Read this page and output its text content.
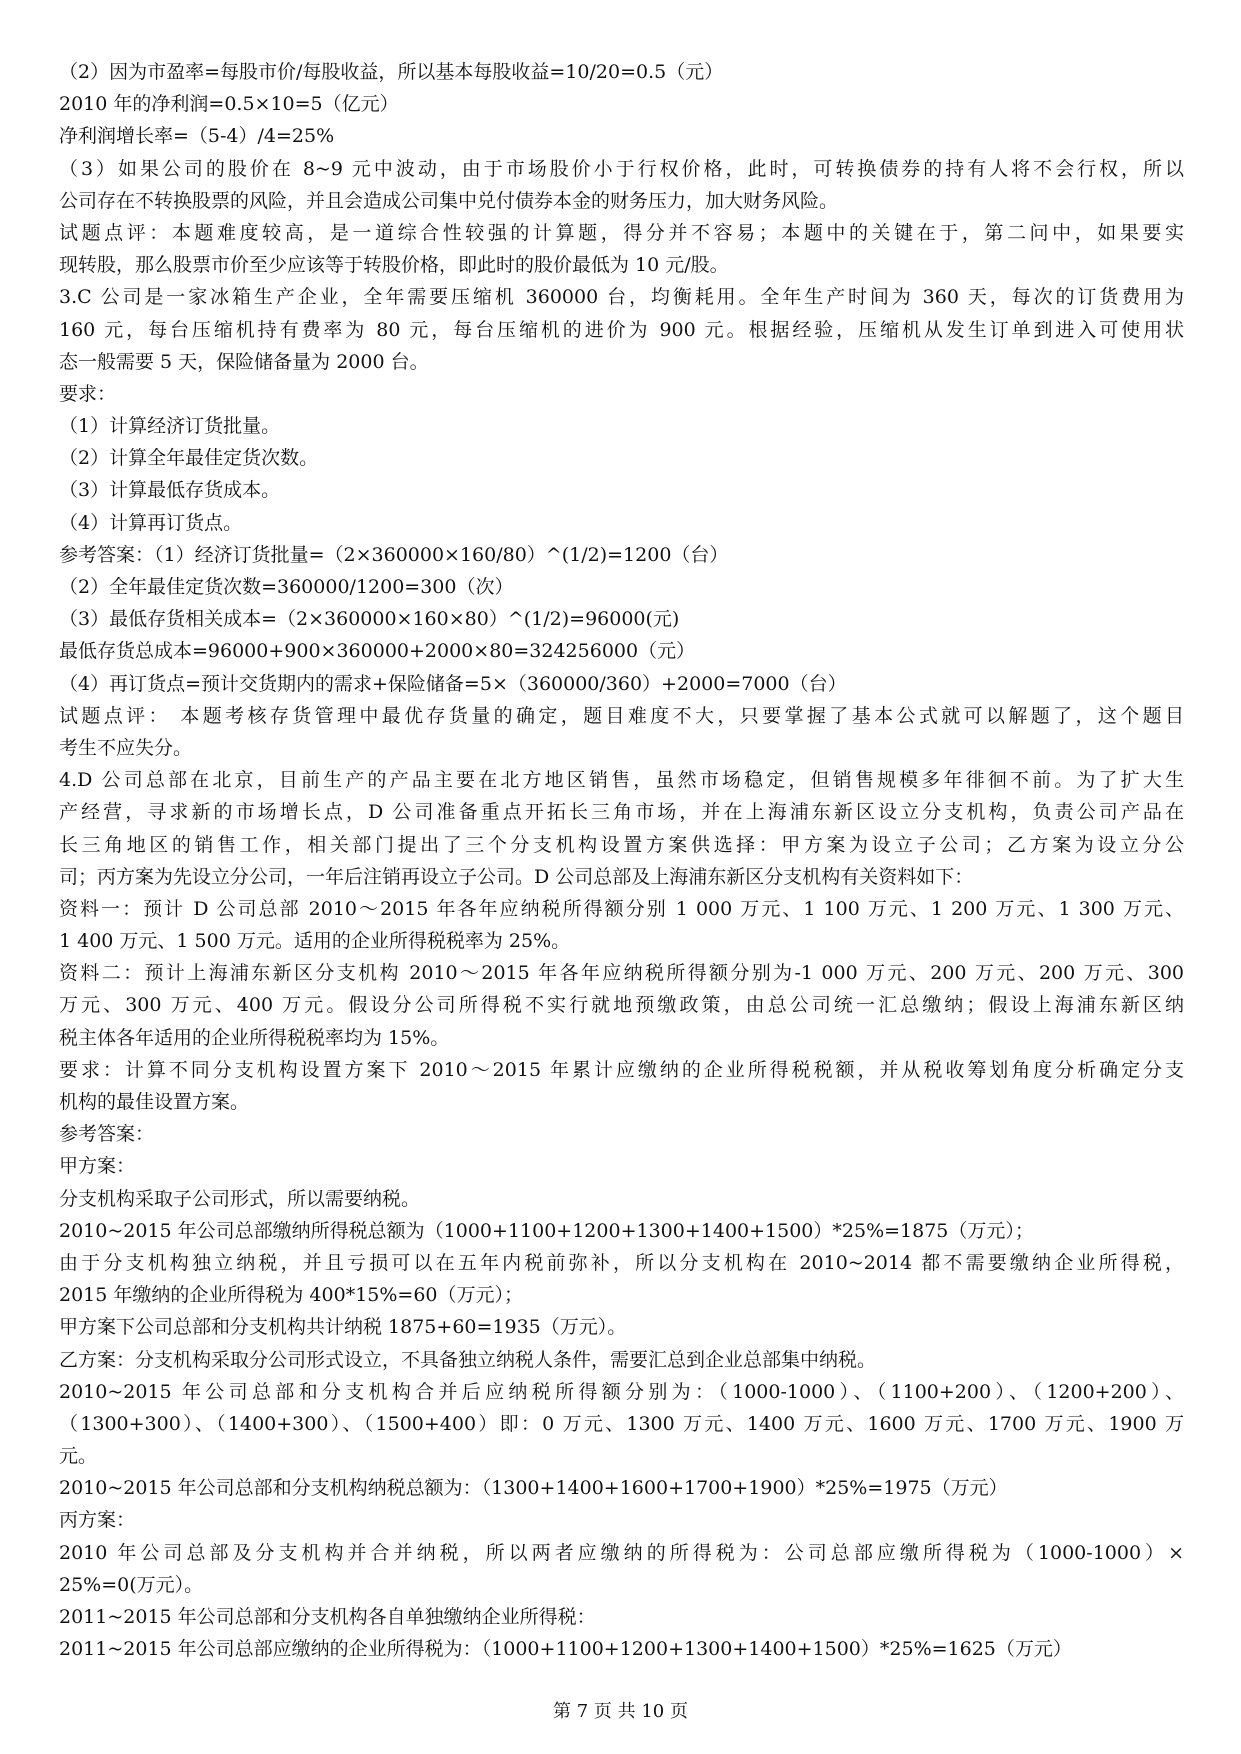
（2）因为市盈率=每股市价/每股收益，所以基本每股收益=10/20=0.5（元）
2010 年的净利润=0.5×10=5（亿元）
净利润增长率=（5-4）/4=25%
（3）如果公司的股价在 8~9 元中波动，由于市场股价小于行权价格，此时，可转换债券的持有人将不会行权，所以
公司存在不转换股票的风险，并且会造成公司集中兑付债券本金的财务压力，加大财务风险。
试题点评：本题难度较高，是一道综合性较强的计算题，得分并不容易；本题中的关键在于，第二问中，如果要实
现转股，那么股票市价至少应该等于转股价格，即此时的股价最低为 10 元/股。
3.C 公司是一家冰箱生产企业，全年需要压缩机 360000 台，均衡耗用。全年生产时间为 360 天，每次的订货费用为
160 元，每台压缩机持有费率为 80 元，每台压缩机的进价为 900 元。根据经验，压缩机从发生订单到进入可使用状
态一般需要 5 天，保险储备量为 2000 台。
要求：
（1）计算经济订货批量。
（2）计算全年最佳定货次数。
（3）计算最低存货成本。
（4）计算再订货点。
参考答案：（1）经济订货批量=（2×360000×160/80）^(1/2)=1200（台）
（2）全年最佳定货次数=360000/1200=300（次）
（3）最低存货相关成本=（2×360000×160×80）^(1/2)=96000(元)
最低存货总成本=96000+900×360000+2000×80=324256000（元）
（4）再订货点=预计交货期内的需求+保险储备=5×（360000/360）+2000=7000（台）
试题点评： 本题考核存货管理中最优存货量的确定，题目难度不大，只要掌握了基本公式就可以解题了，这个题目
考生不应失分。
4.D 公司总部在北京，目前生产的产品主要在北方地区销售，虽然市场稳定，但销售规模多年徘徊不前。为了扩大生
产经营，寻求新的市场增长点，D 公司准备重点开拓长三角市场，并在上海浦东新区设立分支机构，负责公司产品在
长三角地区的销售工作，相关部门提出了三个分支机构设置方案供选择：甲方案为设立子公司；乙方案为设立分公
司；丙方案为先设立分公司，一年后注销再设立子公司。D 公司总部及上海浦东新区分支机构有关资料如下：
资料一：预计 D 公司总部 2010～2015 年各年应纳税所得额分别 1 000 万元、1 100 万元、1 200 万元、1 300 万元、
1 400 万元、1 500 万元。适用的企业所得税税率为 25%。
资料二：预计上海浦东新区分支机构 2010～2015 年各年应纳税所得额分别为-1 000 万元、200 万元、200 万元、300
万元、300 万元、400 万元。假设分公司所得税不实行就地预缴政策，由总公司统一汇总缴纳；假设上海浦东新区纳
税主体各年适用的企业所得税税率均为 15%。
要求：计算不同分支机构设置方案下 2010～2015 年累计应缴纳的企业所得税税额，并从税收筹划角度分析确定分支
机构的最佳设置方案。
参考答案：
甲方案：
分支机构采取子公司形式，所以需要纳税。
2010~2015 年公司总部缴纳所得税总额为（1000+1100+1200+1300+1400+1500）*25%=1875（万元）；
由于分支机构独立纳税，并且亏损可以在五年内税前弥补，所以分支机构在 2010~2014 都不需要缴纳企业所得税，
2015 年缴纳的企业所得税为 400*15%=60（万元）；
甲方案下公司总部和分支机构共计纳税 1875+60=1935（万元）。
乙方案：分支机构采取分公司形式设立，不具备独立纳税人条件，需要汇总到企业总部集中纳税。
2010~2015 年公司总部和分支机构合并后应纳税所得额分别为：（1000-1000）、（1100+200）、（1200+200）、
（1300+300）、（1400+300）、（1500+400）即：0 万元、1300 万元、1400 万元、1600 万元、1700 万元、1900 万
元。
2010~2015 年公司总部和分支机构纳税总额为：（1300+1400+1600+1700+1900）*25%=1975（万元）
丙方案：
2010 年公司总部及分支机构并合并纳税，所以两者应缴纳的所得税为：公司总部应缴所得税为（1000-1000）×
25%=0(万元）。
2011~2015 年公司总部和分支机构各自单独缴纳企业所得税：
2011~2015 年公司总部应缴纳的企业所得税为：（1000+1100+1200+1300+1400+1500）*25%=1625（万元）
第 7 页 共 10 页
